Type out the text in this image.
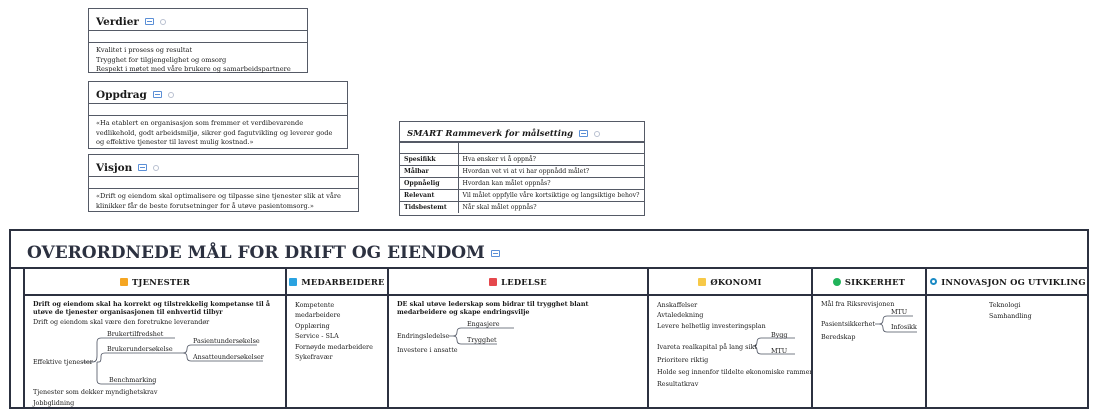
Verdier
Kvalitet i prosess og resultat
Trygghet for tilgjengelighet og omsorg
Respekt i møtet med våre brukere og samarbeidspartnere
Oppdrag
«Ha etablert en organisasjon som fremmer et verdibevarende vedlikehold, godt arbeidsmiljø, sikrer god fagutvikling og leverer gode og effektive tjenester til lavest mulig kostnad.»
Visjon
«Drift og eiendom skal optimalisere og tilpasse sine tjenester slik at våre klinikker får de beste forutsetninger for å utøve pasientomsorg.»
SMART Rammeverk for målsetting

Spesifikk	Hva ønsker vi å oppnå?
Målbar	Hvordan vet vi at vi har oppnådd målet?
Oppnåelig	Hvordan kan målet oppnås?
Relevant	Vil målet oppfylle våre kortsiktige og langsiktige behov?
Tidsbestemt	Når skal målet oppnås?
OVERORDNEDE MÅL FOR DRIFT OG EIENDOM
TJENESTER
Drift og eiendom skal ha korrekt og tilstrekkelig kompetanse til å utøve de tjenester organisasjonen til enhvertid tilbyr
Drift og eiendom skal være den foretrukne leverandør
Effektive tjenester
Brukertilfredshet
Brukerundersøkelse
Pasientundersøkelse
Ansatteundersøkelser
Benchmarking
Tjenester som dekker myndighetskrav
Jobbglidning
MEDARBEIDERE
Kompetente medarbeidere
Opplæring
Service - SLA
Fornøyde medarbeidere
Sykefravær
LEDELSE
DE skal utøve lederskap som bidrar til trygghet blant medarbeidere og skape endringsvilje
Endringsledelse
Engasjere
Trygghet
Investere i ansatte
ØKONOMI
Anskaffelser
Avtaledekning
Levere helhetlig investeringsplan
Ivareta realkapital på lang sikt
Bygg
MTU
Prioritere riktig
Holde seg innenfor tildelte økonomiske rammer
Resultatkrav
SIKKERHET
Mål fra Riksrevisjonen
Pasientsikkerhet
MTU
Infosikk
Beredskap
INNOVASJON OG UTVIKLING
Teknologi
Samhandling
